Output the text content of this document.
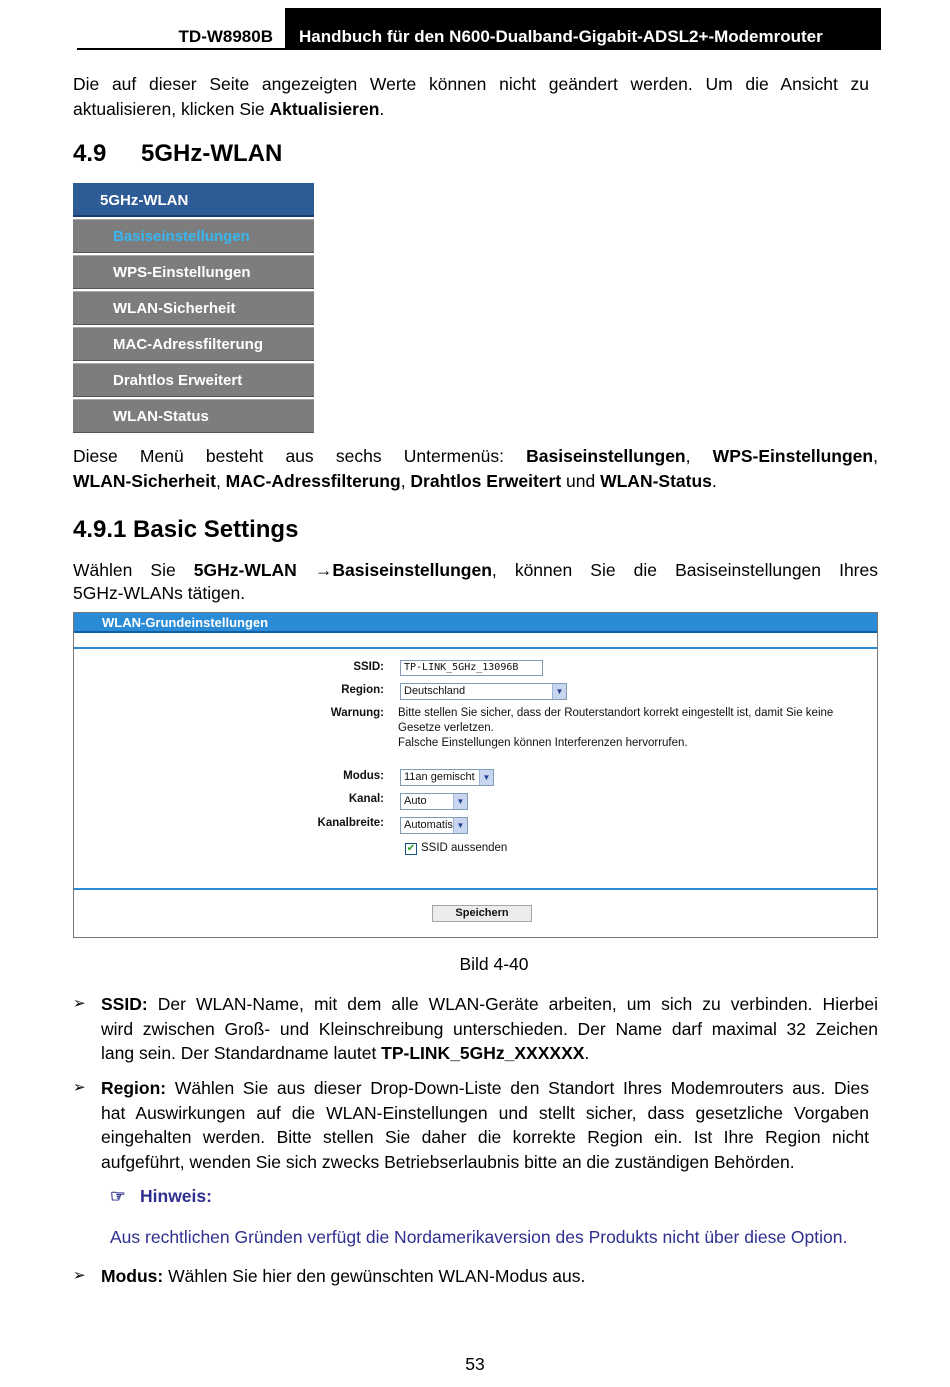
TD-W8980B Handbuch für den N600-Dualband-Gigabit-ADSL2+-Modemrouter
Die auf dieser Seite angezeigten Werte können nicht geändert werden. Um die Ansicht zu
aktualisieren, klicken Sie Aktualisieren.
4.9 5GHz-WLAN
5GHz-WLAN
Basiseinstellungen
WPS-Einstellungen
WLAN-Sicherheit
MAC-Adressfilterung
Drahtlos Erweitert
WLAN-Status
Diese Menü besteht aus sechs Untermenüs: Basiseinstellungen, WPS-Einstellungen,
WLAN-Sicherheit, MAC-Adressfilterung, Drahtlos Erweitert und WLAN-Status.
4.9.1 Basic Settings
Wählen Sie 5GHz-WLAN →Basiseinstellungen, können Sie die Basiseinstellungen Ihres
5GHz-WLANs tätigen.
WLAN-Grundeinstellungen
SSID:	TP-LINK_5GHz_13096B
Region:	Deutschland	▼
Warnung: Bitte stellen Sie sicher, dass der Routerstandort korrekt eingestellt ist, damit Sie keine
Gesetze verletzen.
Falsche Einstellungen können Interferenzen hervorrufen.
Modus:	11an gemischt ▼
Kanal:	Auto	▼
Kanalbreite:	Automatis ▼
✔ SSID aussenden
Speichern
Bild 4-40
➢ SSID: Der WLAN-Name, mit dem alle WLAN-Geräte arbeiten, um sich zu verbinden. Hierbei
wird zwischen Groß- und Kleinschreibung unterschieden. Der Name darf maximal 32 Zeichen
lang sein. Der Standardname lautet TP-LINK_5GHz_XXXXXX.
➢ Region: Wählen Sie aus dieser Drop-Down-Liste den Standort Ihres Modemrouters aus. Dies
hat Auswirkungen auf die WLAN-Einstellungen und stellt sicher, dass gesetzliche Vorgaben
eingehalten werden. Bitte stellen Sie daher die korrekte Region ein. Ist Ihre Region nicht
aufgeführt, wenden Sie sich zwecks Betriebserlaubnis bitte an die zuständigen Behörden.
☞ Hinweis:
Aus rechtlichen Gründen verfügt die Nordamerikaversion des Produkts nicht über diese Option.
➢ Modus: Wählen Sie hier den gewünschten WLAN-Modus aus.
53
